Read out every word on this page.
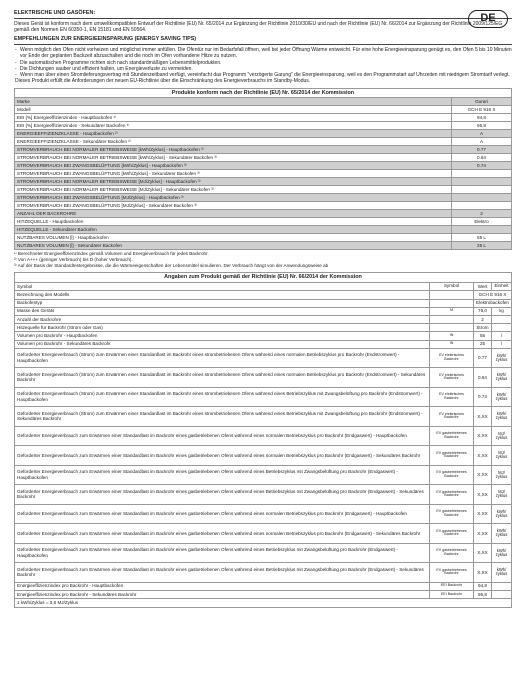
DE
ELEKTRISCHE UND GASÖFEN:

Dieses Gerät ist konform nach dem umweltkompatiblen Entwurf der Richtlinie (EU) Nr. 65/2014 zur Ergänzung der Richtlinie 2010/30/EU und nach der Richtlinie (EU) Nr. 66/2014 zur Ergänzung der Richtlinie 2009/125/EG gemäß den Normen EN 60350-1, EN 15181 und EN 50564.

EMPFEHLUNGEN ZUR ENERGIEEINSPARUNG (ENERGY SAVING TIPS)
- Wenn möglich den Ofen nicht vorheizen und möglichst immer anfüllen. Die Ofentür nur im Bedarfsfall öffnen, weil bei jeder Öffnung Wärme entweicht. Für eine hohe Energieeinsparung genügt es, den Ofen 5 bis 10 Minuten vor Ende der geplanten Backzeit abzuschalten und die noch im Ofen vorhandene Hitze zu nutzen.
- Die automatischen Programme richten sich nach standardmäßigen Lebensmittelprodukten.
- Die Dichtungen sauber und effizient halten, um Energieverluste zu vermeiden.
- Wenn man über einen Stromlieferungsvertrag mit Stundenzeitband verfügt, vereinfacht das Programm "verzögerte Garung" die Energieeinsparung, weil es den Programmstart auf Uhrzeiten mit niedrigem Stromtarif verlegt.

Dieses Produkt erfüllt die Anforderungen der neuen EU-Richtlinie über die Einschränkung des Energieverbrauchs im Standby-Modus.

Produkte konform nach der Richtlinie (EU) Nr. 65/2014 der Kommission
Marke	Gurari
Modell	GCH E 916 X
EEI [%] Energieeffizienzindex - Hauptbackofen ¹⁾	94,8
EEI [%] Energieeffizienzindex - Sekundärer Backofen ¹⁾	95,8
ENERGIEEFFIZIENZKLASSE - Hauptbackofen ²⁾	A
ENERGIEEFFIZIENZKLASSE - Sekundärer Backofen ²⁾	A
STROMVERBRAUCH BEI NORMALER BETRIEBSWEISE [kWh/Zyklus] - Hauptbackofen ³⁾	0.77
STROMVERBRAUCH BEI NORMALER BETRIEBSWEISE [kWh/Zyklus] - Sekundärer Backofen ³⁾	0.64
STROMVERBRAUCH BEI ZWANGSBELÜFTUNG [kWh/Zyklus] - Hauptbackofen ³⁾	0.74
STROMVERBRAUCH BEI ZWANGSBELÜFTUNG [kWh/Zyklus] - Sekundärer Backofen ³⁾	
STROMVERBRAUCH BEI NORMALER BETRIEBSWEISE [MJ/Zyklus] - Hauptbackofen ³⁾	
STROMVERBRAUCH BEI NORMALER BETRIEBSWEISE [MJ/Zyklus] - Sekundärer Backofen ³⁾	
STROMVERBRAUCH BEI ZWANGSBELÜFTUNG [MJ/Zyklus] - Hauptbackofen ³⁾	
STROMVERBRAUCH BEI ZWANGSBELÜFTUNG [MJ/Zyklus] - Sekundärer Backofen ³⁾	
ANZAHL DER BACKROHRE	2
HITZEQUELLE - Hauptbackofen	Elektro
HITZEQUELLE - Sekundärer Backofen	
NUTZBARES VOLUMEN [l] - Hauptbackofen	55 L
NUTZBARES VOLUMEN [l] - Sekundärer Backofen	25 L
¹⁾ Berechneter Energieeffizienzindex gemäß Volumen und Energieverbrauch für jedes Backrohr.
²⁾ Von A+++ (geringer Verbrauch) bis D (hoher Verbrauch).
³⁾ Auf der Basis der Standardtestergebnisse, die die Wärmeeigenschaften der Lebensmittel simulieren. Der Verbrauch hängt von der Anwendungsweise ab
Angaben zum Produkt gemäß der Richtlinie (EU) Nr. 66/2014 der Kommission
Symbol	Symbol	Wert	Einheit
Bezeichnung des Modells		GCH E 916 X	
Backofentyp		Elektrobackofen	
Masse des Geräts	M	76,0	kg
Anzahl der Backrohre		2	
Hitzequelle für Backrohr (Strom oder Gas)		Strom	
Volumen pro Backrohr - Hauptbackofen	IN	55	l
Volumen pro Backrohr - Sekundäres Backrohr	IN	25	l
Geforderter Energieverbrauch (Strom) zum Erwärmen einer Standardlast im Backrohr eines strombetriebenen Ofens während eines normalen Betriebszyklus pro Backrohr (Endstromwert) - Hauptbackofen	EV elektrisches Backrohr	0.77	kWh/ zyklus
Geforderter Energieverbrauch (Strom) zum Erwärmen einer Standardlast im Backrohr eines strombetriebenen Ofens während eines normalen Betriebszyklus pro Backrohr (Endstromwert) - Sekundäres Backrohr	EV elektrisches Backrohr	0.64	kWh/ zyklus
Geforderter Energieverbrauch (Strom) zum Erwärmen einer Standardlast im Backrohr eines strombetriebenen Ofens während eines Betriebszyklus mit Zwangsbelüftung pro Backrohr (Endstromwert) - Hauptbackofen	EV elektrisches Backrohr	0.74	kWh/ zyklus
Geforderter Energieverbrauch (Strom) zum Erwärmen einer Standardlast im Backrohr eines strombetriebenen Ofens während eines Betriebszyklus mit Zwangsbelüftung pro Backrohr (Endstromwert) - Sekundäres Backrohr	EV elektrisches Backrohr	X,XX	kWh/ zyklus
Geforderter Energieverbrauch zum Erwärmen einer Standardlast im Backrohr eines gasbetriebenen Ofens während eines normalen Betriebszyklus pro Backrohr (Endgaswert) - Hauptbackofen	EV gasbetriebenes Backrohr	X,XX	MJ/ zyklus
Geforderter Energieverbrauch zum Erwärmen einer Standardlast im Backrohr eines gasbetriebenen Ofens während eines normalen Betriebszyklus pro Backrohr (Endgaswert) - Sekundäres Backrohr	EV gasbetriebenes Backrohr	X,XX	MJ/ zyklus
Geforderter Energieverbrauch zum Erwärmen einer Standardlast im Backrohr eines gasbetriebenen Ofens während eines Betriebszyklus mit Zwangsbelüftung pro Backrohr (Endgaswert) - Hauptbackofen	EV gasbetriebenes Backrohr	X,XX	MJ/ zyklus
Geforderter Energieverbrauch zum Erwärmen einer Standardlast im Backrohr eines gasbetriebenen Ofens während eines Betriebszyklus mit Zwangsbelüftung pro Backrohr (Endgaswert) - Sekundäres Backrohr	EV gasbetriebenes Backrohr	X,XX	MJ/ zyklus
Geforderter Energieverbrauch zum Erwärmen einer Standardlast im Backrohr eines gasbetriebenen Ofens während eines normalen Betriebszyklus pro Backrohr (Endgaswert) - Hauptbackofen	EV gasbetriebenes Backrohr	X,XX	kWh/ zyklus
Geforderter Energieverbrauch zum Erwärmen einer Standardlast im Backrohr eines gasbetriebenen Ofens während eines normalen Betriebszyklus pro Backrohr (Endgaswert) - Sekundäres Backrohr	EV gasbetriebenes Backrohr	X,XX	kWh/ zyklus
Geforderter Energieverbrauch zum Erwärmen einer Standardlast im Backrohr eines gasbetriebenen Ofens während eines Betriebszyklus mit Zwangsbelüftung pro Backrohr (Endgaswert) - Hauptbackofen	EV gasbetriebenes Backrohr	X,XX	kWh/ zyklus
Geforderter Energieverbrauch zum Erwärmen einer Standardlast im Backrohr eines gasbetriebenen Ofens während eines Betriebszyklus mit Zwangsbelüftung pro Backrohr (Endgaswert) - Sekundäres Backrohr	EV gasbetriebenes Backrohr	X,XX	kWh/ zyklus
Energieeffizienzindex pro Backrohr - Hauptbackofen	EEI Backrohr	94,8	
Energieeffizienzindex pro Backrohr - Sekundäres Backrohr	EEI Backrohr	95,8	
1 kWh/Zyklus = 3,6 MJ/Zyklus
